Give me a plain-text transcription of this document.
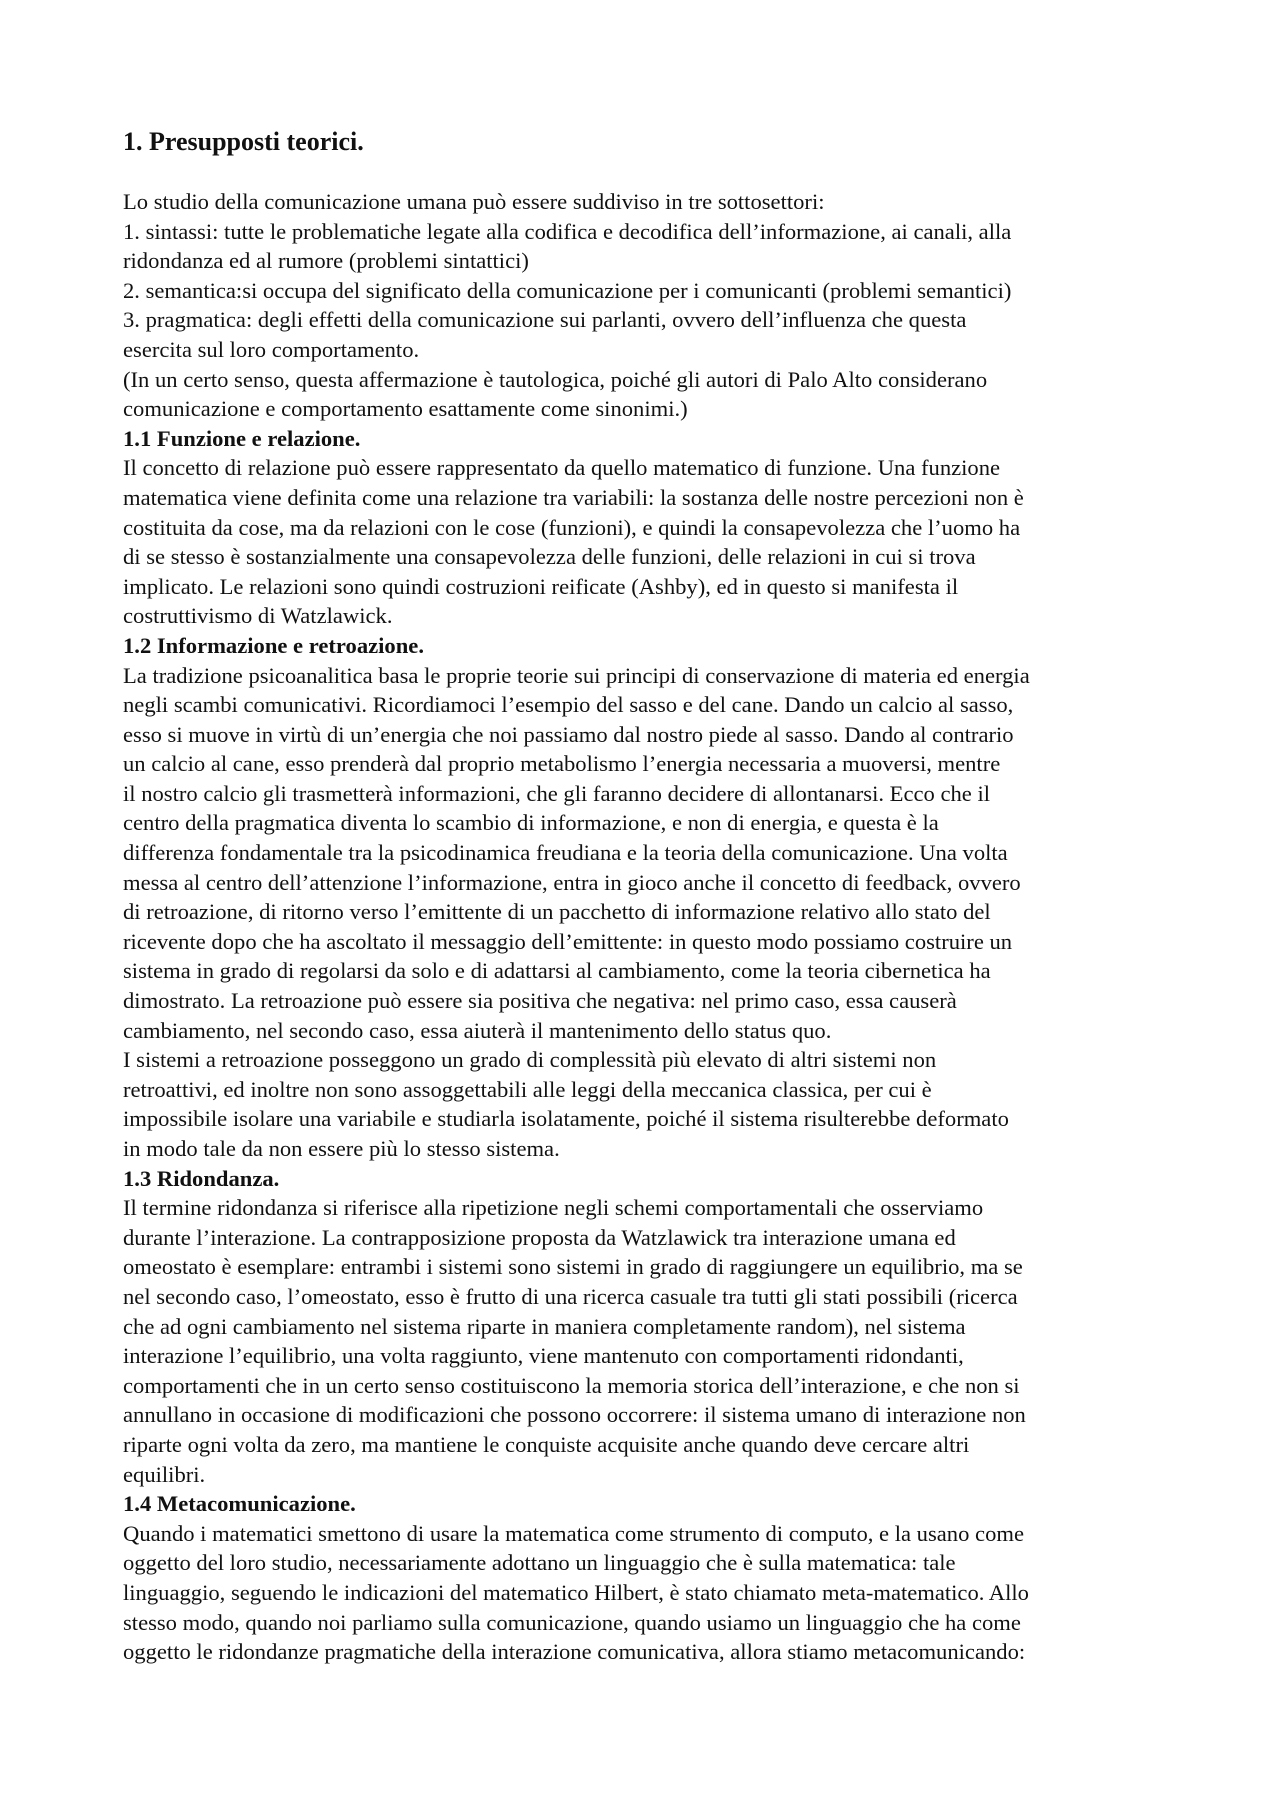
1. Presupposti teorici.
Lo studio della comunicazione umana può essere suddiviso in tre sottosettori:
1. sintassi: tutte le problematiche legate alla codifica e decodifica dell’informazione, ai canali, alla
ridondanza ed al rumore (problemi sintattici)
2. semantica:si occupa del significato della comunicazione per i comunicanti (problemi semantici)
3. pragmatica: degli effetti della comunicazione sui parlanti, ovvero dell’influenza che questa
esercita sul loro comportamento.
(In un certo senso, questa affermazione è tautologica, poiché gli autori di Palo Alto considerano
comunicazione e comportamento esattamente come sinonimi.)
1.1 Funzione e relazione.
Il concetto di relazione può essere rappresentato da quello matematico di funzione. Una funzione
matematica viene definita come una relazione tra variabili: la sostanza delle nostre percezioni non è
costituita da cose, ma da relazioni con le cose (funzioni), e quindi la consapevolezza che l’uomo ha
di se stesso è sostanzialmente una consapevolezza delle funzioni, delle relazioni in cui si trova
implicato. Le relazioni sono quindi costruzioni reificate (Ashby), ed in questo si manifesta il
costruttivismo di Watzlawick.
1.2 Informazione e retroazione.
La tradizione psicoanalitica basa le proprie teorie sui principi di conservazione di materia ed energia
negli scambi comunicativi. Ricordiamoci l’esempio del sasso e del cane. Dando un calcio al sasso,
esso si muove in virtù di un’energia che noi passiamo dal nostro piede al sasso. Dando al contrario
un calcio al cane, esso prenderà dal proprio metabolismo l’energia necessaria a muoversi, mentre
il nostro calcio gli trasmetterà informazioni, che gli faranno decidere di allontanarsi. Ecco che il
centro della pragmatica diventa lo scambio di informazione, e non di energia, e questa è la
differenza fondamentale tra la psicodinamica freudiana e la teoria della comunicazione. Una volta
messa al centro dell’attenzione l’informazione, entra in gioco anche il concetto di feedback, ovvero
di retroazione, di ritorno verso l’emittente di un pacchetto di informazione relativo allo stato del
ricevente dopo che ha ascoltato il messaggio dell’emittente: in questo modo possiamo costruire un
sistema in grado di regolarsi da solo e di adattarsi al cambiamento, come la teoria cibernetica ha
dimostrato. La retroazione può essere sia positiva che negativa: nel primo caso, essa causerà
cambiamento, nel secondo caso, essa aiuterà il mantenimento dello status quo.
I sistemi a retroazione posseggono un grado di complessità più elevato di altri sistemi non
retroattivi, ed inoltre non sono assoggettabili alle leggi della meccanica classica, per cui è
impossibile isolare una variabile e studiarla isolatamente, poiché il sistema risulterebbe deformato
in modo tale da non essere più lo stesso sistema.
1.3 Ridondanza.
Il termine ridondanza si riferisce alla ripetizione negli schemi comportamentali che osserviamo
durante l’interazione. La contrapposizione proposta da Watzlawick tra interazione umana ed
omeostato è esemplare: entrambi i sistemi sono sistemi in grado di raggiungere un equilibrio, ma se
nel secondo caso, l’omeostato, esso è frutto di una ricerca casuale tra tutti gli stati possibili (ricerca
che ad ogni cambiamento nel sistema riparte in maniera completamente random), nel sistema
interazione l’equilibrio, una volta raggiunto, viene mantenuto con comportamenti ridondanti,
comportamenti che in un certo senso costituiscono la memoria storica dell’interazione, e che non si
annullano in occasione di modificazioni che possono occorrere: il sistema umano di interazione non
riparte ogni volta da zero, ma mantiene le conquiste acquisite anche quando deve cercare altri
equilibri.
1.4 Metacomunicazione.
Quando i matematici smettono di usare la matematica come strumento di computo, e la usano come
oggetto del loro studio, necessariamente adottano un linguaggio che è sulla matematica: tale
linguaggio, seguendo le indicazioni del matematico Hilbert, è stato chiamato meta-matematico. Allo
stesso modo, quando noi parliamo sulla comunicazione, quando usiamo un linguaggio che ha come
oggetto le ridondanze pragmatiche della interazione comunicativa, allora stiamo metacomunicando:
